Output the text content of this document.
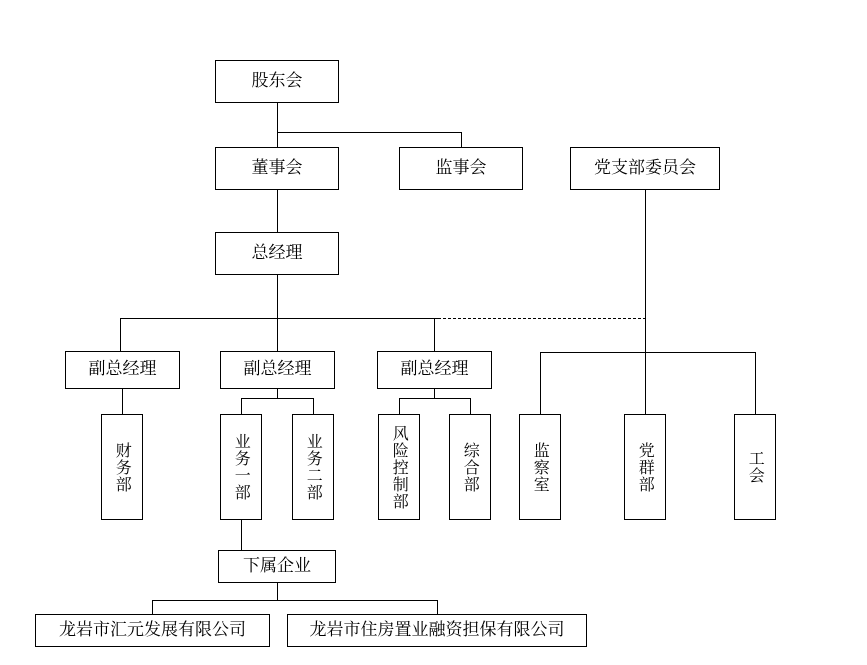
股东会
董事会	监事会	党支部委员会
总经理
副总经理	副总经理	副总经理
财务部	业务一部	业务二部	风险控制部	综合部	监察室	党群部	工会
下属企业
龙岩市汇元发展有限公司	龙岩市住房置业融资担保有限公司
